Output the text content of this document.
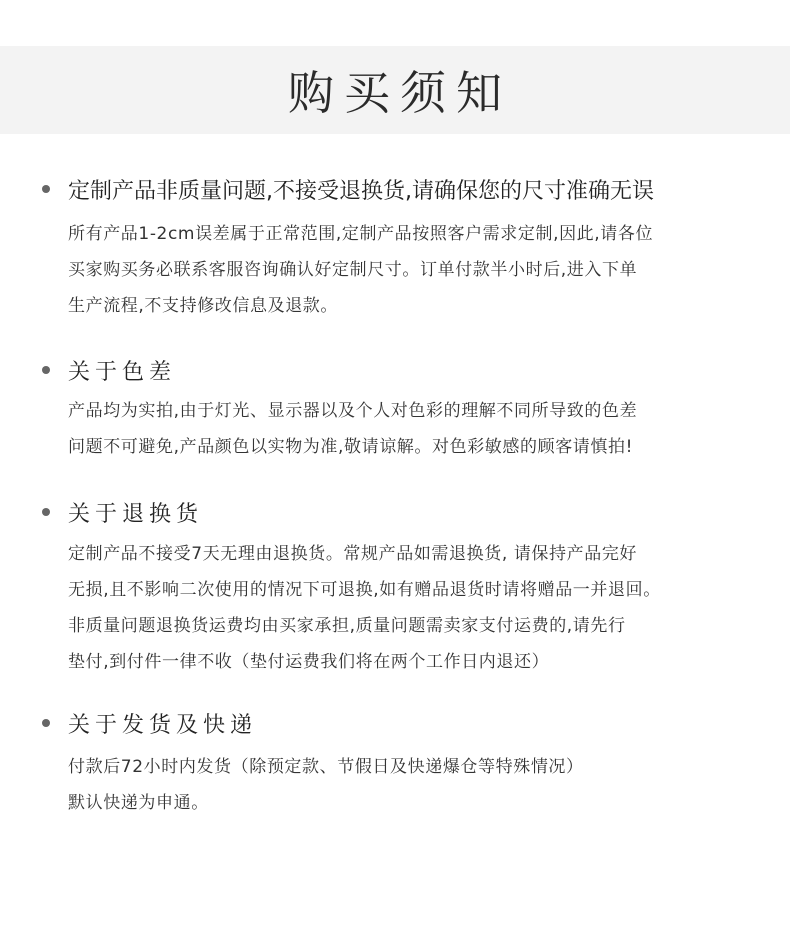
购买须知
定制产品非质量问题,不接受退换货,请确保您的尺寸准确无误
所有产品1-2cm误差属于正常范围,定制产品按照客户需求定制,因此,请各位
买家购买务必联系客服咨询确认好定制尺寸。订单付款半小时后,进入下单
生产流程,不支持修改信息及退款。
关于色差
产品均为实拍,由于灯光、显示器以及个人对色彩的理解不同所导致的色差
问题不可避免,产品颜色以实物为准,敬请谅解。对色彩敏感的顾客请慎拍!
关于退换货
定制产品不接受7天无理由退换货。常规产品如需退换货, 请保持产品完好
无损,且不影响二次使用的情况下可退换,如有赠品退货时请将赠品一并退回。
非质量问题退换货运费均由买家承担,质量问题需卖家支付运费的,请先行
垫付,到付件一律不收（垫付运费我们将在两个工作日内退还）
关于发货及快递
付款后72小时内发货（除预定款、节假日及快递爆仓等特殊情况）
默认快递为申通。
